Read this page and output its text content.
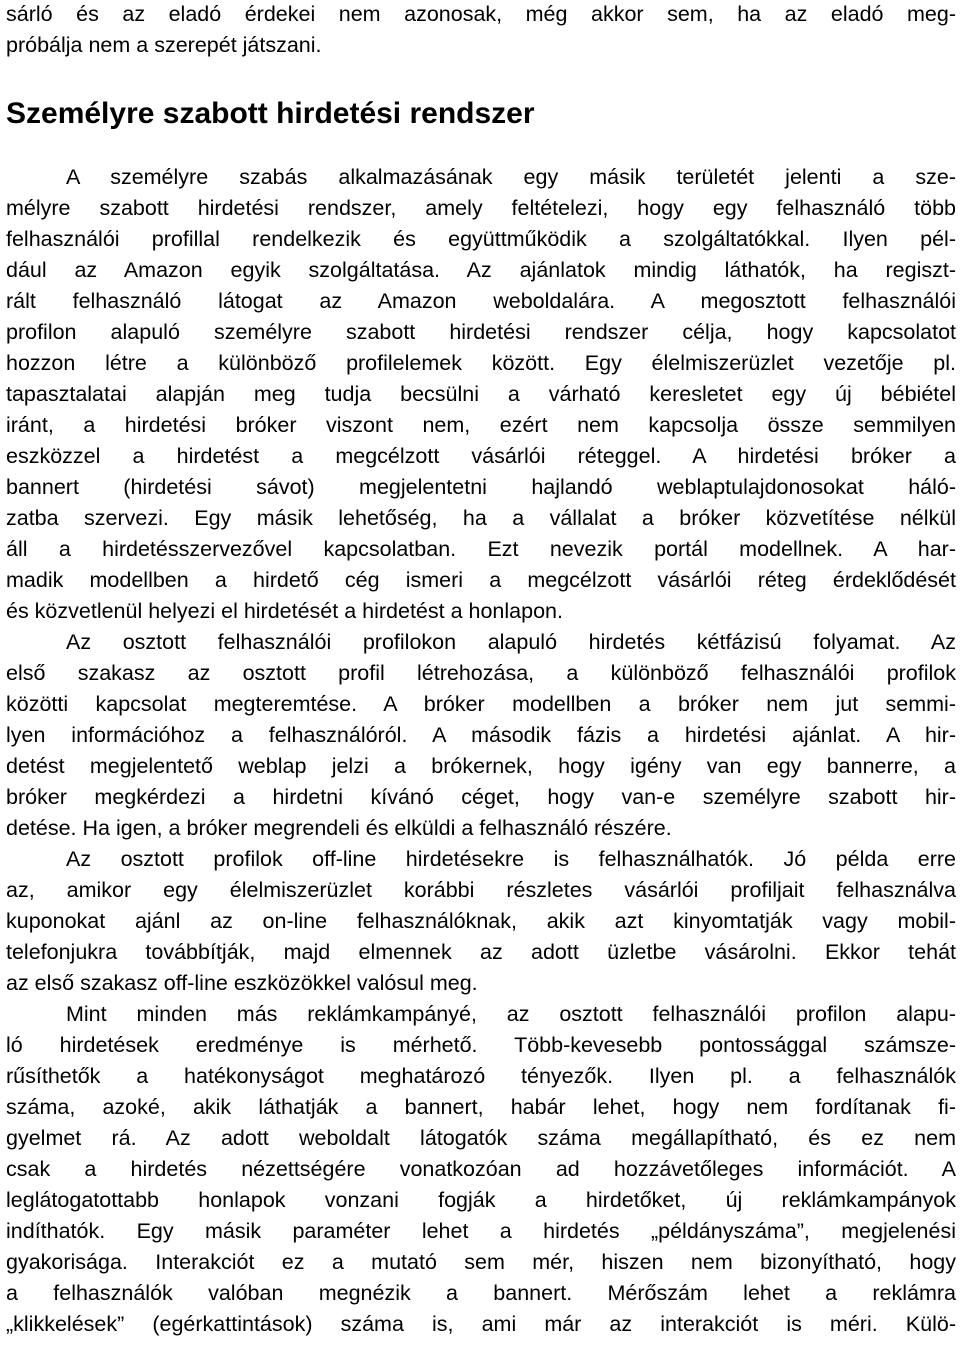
sárló és az eladó érdekei nem azonosak, még akkor sem, ha az eladó meg-
próbálja nem a szerepét játszani.
Személyre szabott hirdetési rendszer
A személyre szabás alkalmazásának egy másik területét jelenti a sze-
mélyre szabott hirdetési rendszer, amely feltételezi, hogy egy felhasználó több
felhasználói profillal rendelkezik és együttműködik a szolgáltatókkal. Ilyen pél-
dául az Amazon egyik szolgáltatása. Az ajánlatok mindig láthatók, ha regiszt-
rált felhasználó látogat az Amazon weboldalára. A megosztott felhasználói
profilon alapuló személyre szabott hirdetési rendszer célja, hogy kapcsolatot
hozzon létre a különböző profilelemek között. Egy élelmiszerüzlet vezetője pl.
tapasztalatai alapján meg tudja becsülni a várható keresletet egy új bébiétel
iránt, a hirdetési bróker viszont nem, ezért nem kapcsolja össze semmilyen
eszközzel a hirdetést a megcélzott vásárlói réteggel. A hirdetési bróker a
bannert (hirdetési sávot) megjelentetni hajlandó weblaptulajdonosokat háló-
zatba szervezi. Egy másik lehetőség, ha a vállalat a bróker közvetítése nélkül
áll a hirdetésszervezővel kapcsolatban. Ezt nevezik portál modellnek. A har-
madik modellben a hirdető cég ismeri a megcélzott vásárlói réteg érdeklődését
és közvetlenül helyezi el hirdetését a hirdetést a honlapon.
Az osztott felhasználói profilokon alapuló hirdetés kétfázisú folyamat. Az
első szakasz az osztott profil létrehozása, a különböző felhasználói profilok
közötti kapcsolat megteremtése. A bróker modellben a bróker nem jut semmi-
lyen információhoz a felhasználóról. A második fázis a hirdetési ajánlat. A hir-
detést megjelentető weblap jelzi a brókernek, hogy igény van egy bannerre, a
bróker megkérdezi a hirdetni kívánó céget, hogy van-e személyre szabott hir-
detése. Ha igen, a bróker megrendeli és elküldi a felhasználó részére.
Az osztott profilok off-line hirdetésekre is felhasználhatók. Jó példa erre
az, amikor egy élelmiszerüzlet korábbi részletes vásárlói profiljait felhasználva
kuponokat ajánl az on-line felhasználóknak, akik azt kinyomtatják vagy mobil-
telefonjukra továbbítják, majd elmennek az adott üzletbe vásárolni. Ekkor tehát
az első szakasz off-line eszközökkel valósul meg.
Mint minden más reklámkampányé, az osztott felhasználói profilon alapu-
ló hirdetések eredménye is mérhető. Több-kevesebb pontossággal számsze-
rűsíthetők a hatékonyságot meghatározó tényezők. Ilyen pl. a felhasználók
száma, azoké, akik láthatják a bannert, habár lehet, hogy nem fordítanak fi-
gyelmet rá. Az adott weboldalt látogatók száma megállapítható, és ez nem
csak a hirdetés nézettségére vonatkozóan ad hozzávetőleges információt. A
leglátogatottabb honlapok vonzani fogják a hirdetőket, új reklámkampányok
indíthatók. Egy másik paraméter lehet a hirdetés „példányszáma”, megjelenési
gyakorisága. Interakciót ez a mutató sem mér, hiszen nem bizonyítható, hogy
a felhasználók valóban megnézik a bannert. Mérőszám lehet a reklámra
„klikkelések” (egérkattintások) száma is, ami már az interakciót is méri. Külö-
